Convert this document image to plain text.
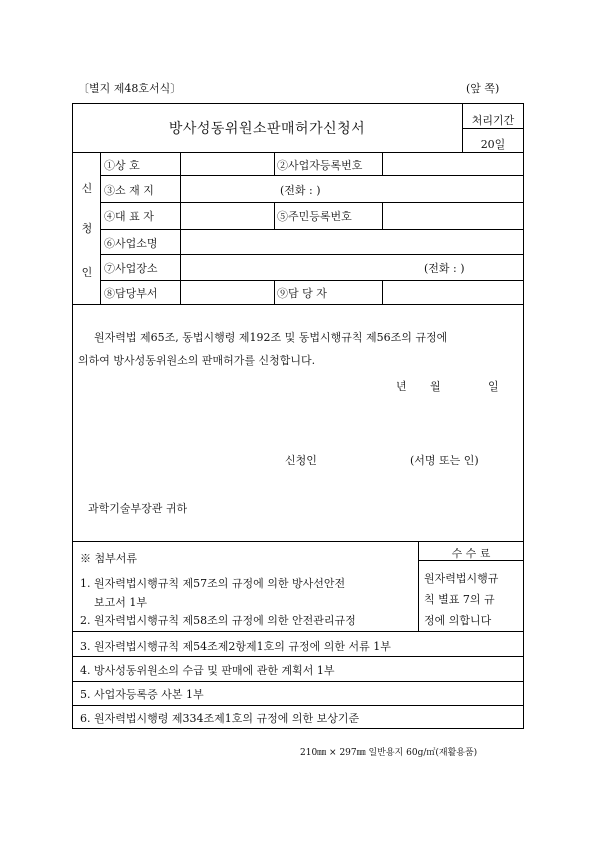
〔별지 제48호서식〕	(앞 쪽)
방사성동위원소판매허가신청서
처리기간
20일
신
청
인
①상 호	②사업자등록번호
③소 재 지	(전화 : )
④대 표 자	⑤주민등록번호
⑥사업소명
⑦사업장소	(전화 : )
⑧담당부서	⑨담 당 자
원자력법 제65조, 동법시행령 제192조 및 동법시행규칙 제56조의 규정에
의하여 방사성동위원소의 판매허가를 신청합니다.
년 월	일
신청인	(서명 또는 인)
과학기술부장관 귀하
※ 첨부서류
1. 원자력법시행규칙 제57조의 규정에 의한 방사선안전
보고서 1부
2. 원자력법시행규칙 제58조의 규정에 의한 안전관리규정
3. 원자력법시행규칙 제54조제2항제1호의 규정에 의한 서류 1부
4. 방사성동위원소의 수급 및 판매에 관한 계획서 1부
5. 사업자등록증 사본 1부
6. 원자력법시행령 제334조제1호의 규정에 의한 보상기준
수 수 료
원자력법시행규
칙 별표 7의 규
정에 의합니다
210㎜ × 297㎜ 일반용지 60g/㎡(재활용품)
